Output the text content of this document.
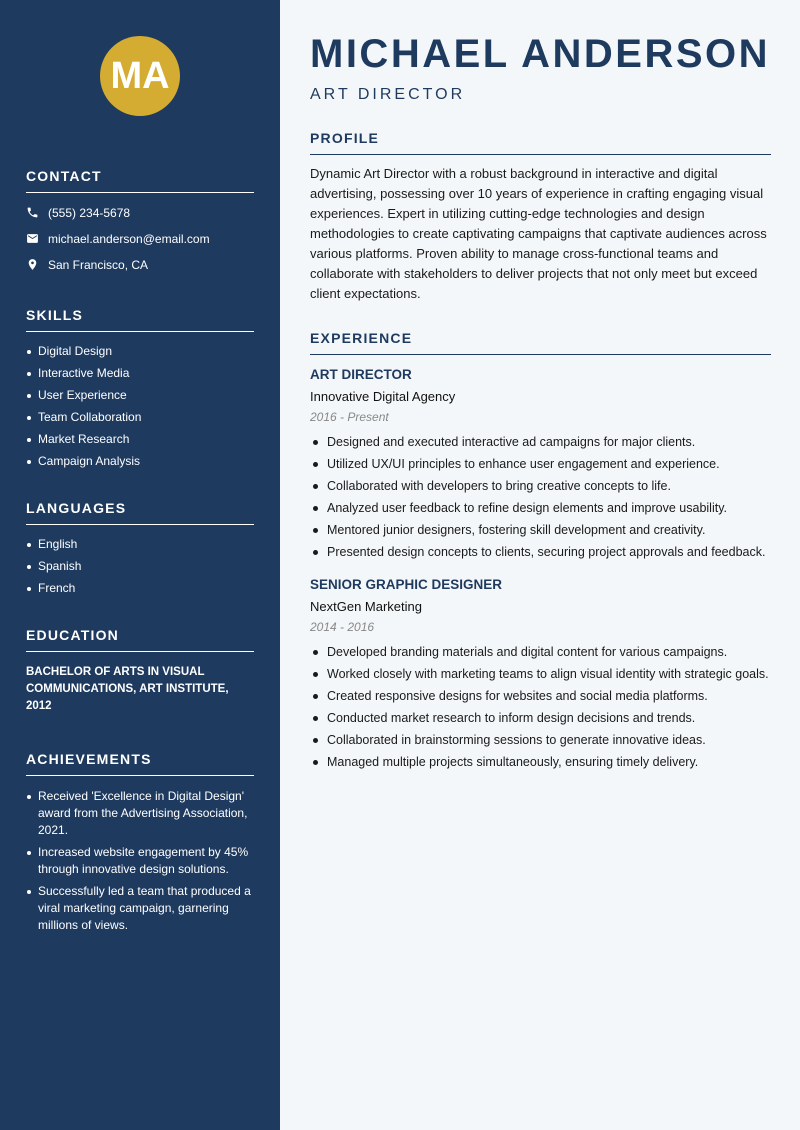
MA
CONTACT
(555) 234-5678
michael.anderson@email.com
San Francisco, CA
SKILLS
Digital Design
Interactive Media
User Experience
Team Collaboration
Market Research
Campaign Analysis
LANGUAGES
English
Spanish
French
EDUCATION
BACHELOR OF ARTS IN VISUAL COMMUNICATIONS, ART INSTITUTE, 2012
ACHIEVEMENTS
Received 'Excellence in Digital Design' award from the Advertising Association, 2021.
Increased website engagement by 45% through innovative design solutions.
Successfully led a team that produced a viral marketing campaign, garnering millions of views.
MICHAEL ANDERSON
ART DIRECTOR
PROFILE

Dynamic Art Director with a robust background in interactive and digital advertising, possessing over 10 years of experience in crafting engaging visual experiences. Expert in utilizing cutting-edge technologies and design methodologies to create captivating campaigns that captivate audiences across various platforms. Proven ability to manage cross-functional teams and collaborate with stakeholders to deliver projects that not only meet but exceed client expectations.

EXPERIENCE
ART DIRECTOR
Innovative Digital Agency
2016 - Present
Designed and executed interactive ad campaigns for major clients.
Utilized UX/UI principles to enhance user engagement and experience.
Collaborated with developers to bring creative concepts to life.
Analyzed user feedback to refine design elements and improve usability.
Mentored junior designers, fostering skill development and creativity.
Presented design concepts to clients, securing project approvals and feedback.
SENIOR GRAPHIC DESIGNER
NextGen Marketing
2014 - 2016
Developed branding materials and digital content for various campaigns.
Worked closely with marketing teams to align visual identity with strategic goals.
Created responsive designs for websites and social media platforms.
Conducted market research to inform design decisions and trends.
Collaborated in brainstorming sessions to generate innovative ideas.
Managed multiple projects simultaneously, ensuring timely delivery.
